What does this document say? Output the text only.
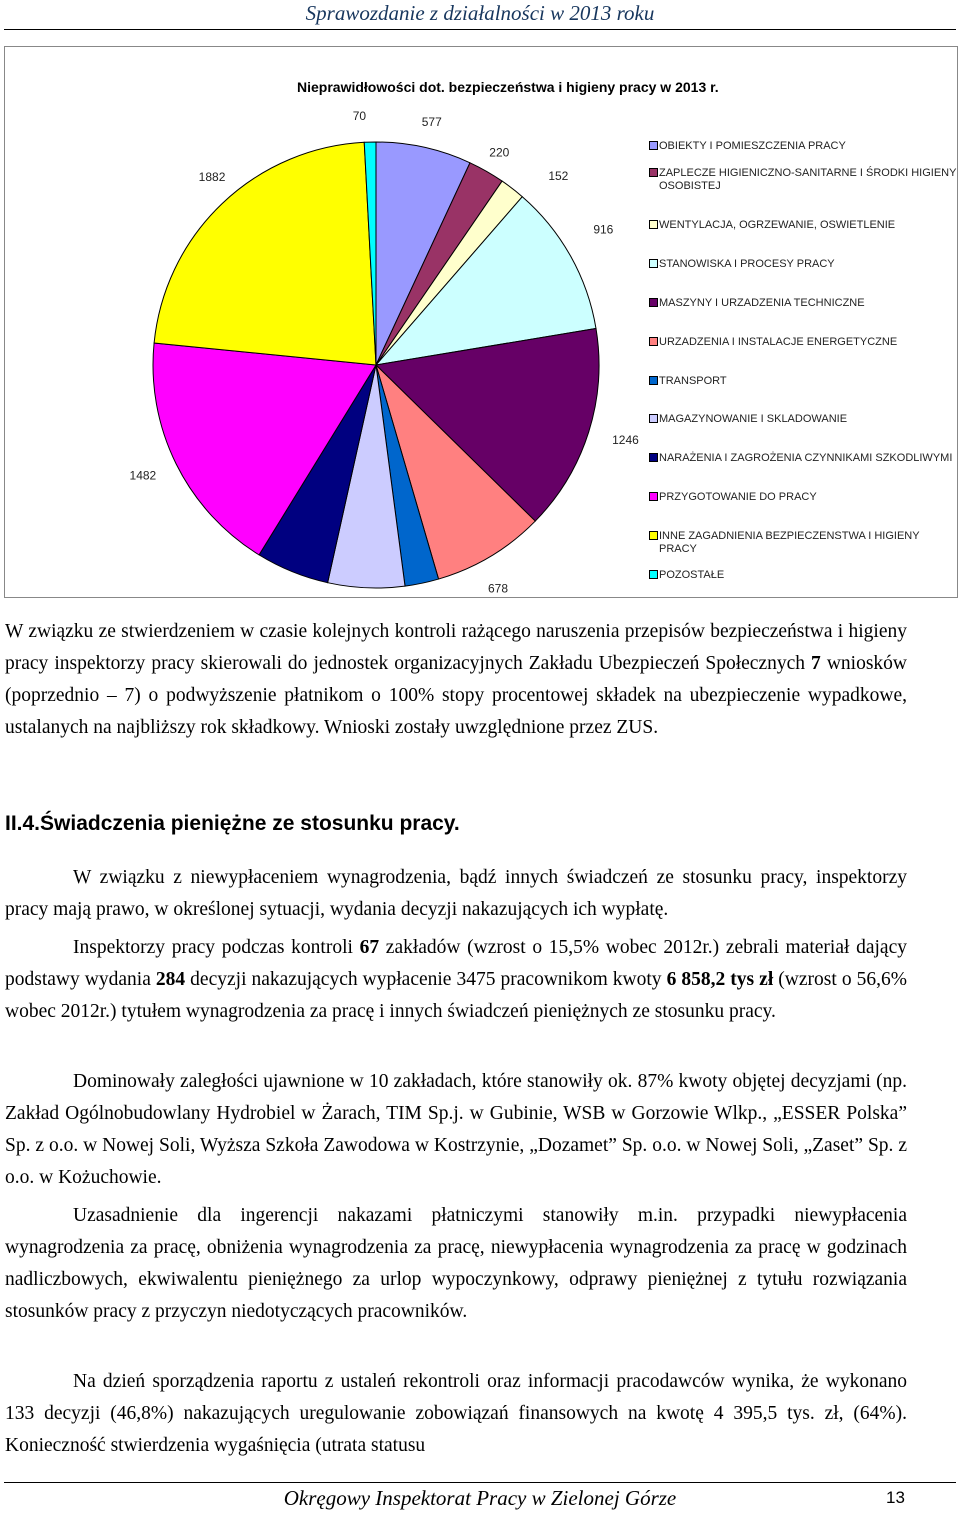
Sprawozdanie z działalności w 2013 roku
Nieprawidłowości dot. bezpieczeństwa i higieny pracy w 2013 r.
577
220
152
916
1246
678
1482
1882
70
OBIEKTY I POMIESZCZENIA PRACY
ZAPLECZE HIGIENICZNO-SANITARNE I ŚRODKI HIGIENY OSOBISTEJ
WENTYLACJA, OGRZEWANIE, OSWIETLENIE
STANOWISKA I PROCESY PRACY
MASZYNY I URZADZENIA TECHNICZNE
URZADZENIA I INSTALACJE ENERGETYCZNE
TRANSPORT
MAGAZYNOWANIE I SKLADOWANIE
NARAŻENIA I ZAGROŻENIA CZYNNIKAMI SZKODLIWYMI
PRZYGOTOWANIE DO PRACY
INNE ZAGADNIENIA BEZPIECZENSTWA I HIGIENY PRACY
POZOSTAŁE

W związku ze stwierdzeniem w czasie kolejnych kontroli rażącego naruszenia przepisów bezpieczeństwa i higieny pracy inspektorzy pracy skierowali do jednostek organizacyjnych Zakładu Ubezpieczeń Społecznych 7 wniosków (poprzednio – 7) o podwyższenie płatnikom o 100% stopy procentowej składek na ubezpieczenie wypadkowe, ustalanych na najbliższy rok składkowy. Wnioski zostały uwzględnione przez ZUS.

II.4.Świadczenia pieniężne ze stosunku pracy.

W związku z niewypłaceniem wynagrodzenia, bądź innych świadczeń ze stosunku pracy, inspektorzy pracy mają prawo, w określonej sytuacji, wydania decyzji nakazujących ich wypłatę.

Inspektorzy pracy podczas kontroli 67 zakładów (wzrost o 15,5% wobec 2012r.) zebrali materiał dający podstawy wydania 284 decyzji nakazujących wypłacenie 3475 pracownikom kwoty 6 858,2 tys zł (wzrost o 56,6% wobec 2012r.) tytułem wynagrodzenia za pracę i innych świadczeń pieniężnych ze stosunku pracy.

Dominowały zaległości ujawnione w 10 zakładach, które stanowiły ok. 87% kwoty objętej decyzjami (np. Zakład Ogólnobudowlany Hydrobiel w Żarach, TIM Sp.j. w Gubinie, WSB w Gorzowie Wlkp., „ESSER Polska” Sp. z o.o. w Nowej Soli, Wyższa Szkoła Zawodowa w Kostrzynie, „Dozamet” Sp. o.o. w Nowej Soli, „Zaset” Sp. z o.o. w Kożuchowie.

Uzasadnienie dla ingerencji nakazami płatniczymi stanowiły m.in. przypadki niewypłacenia wynagrodzenia za pracę, obniżenia wynagrodzenia za pracę, niewypłacenia wynagrodzenia za pracę w godzinach nadliczbowych, ekwiwalentu pieniężnego za urlop wypoczynkowy, odprawy pieniężnej z tytułu rozwiązania stosunków pracy z przyczyn niedotyczących pracowników.

Na dzień sporządzenia raportu z ustaleń rekontroli oraz informacji pracodawców wynika, że wykonano 133 decyzji (46,8%) nakazujących uregulowanie zobowiązań finansowych na kwotę 4 395,5 tys. zł, (64%). Konieczność stwierdzenia wygaśnięcia (utrata statusu

Okręgowy Inspektorat Pracy w Zielonej Górze	13
